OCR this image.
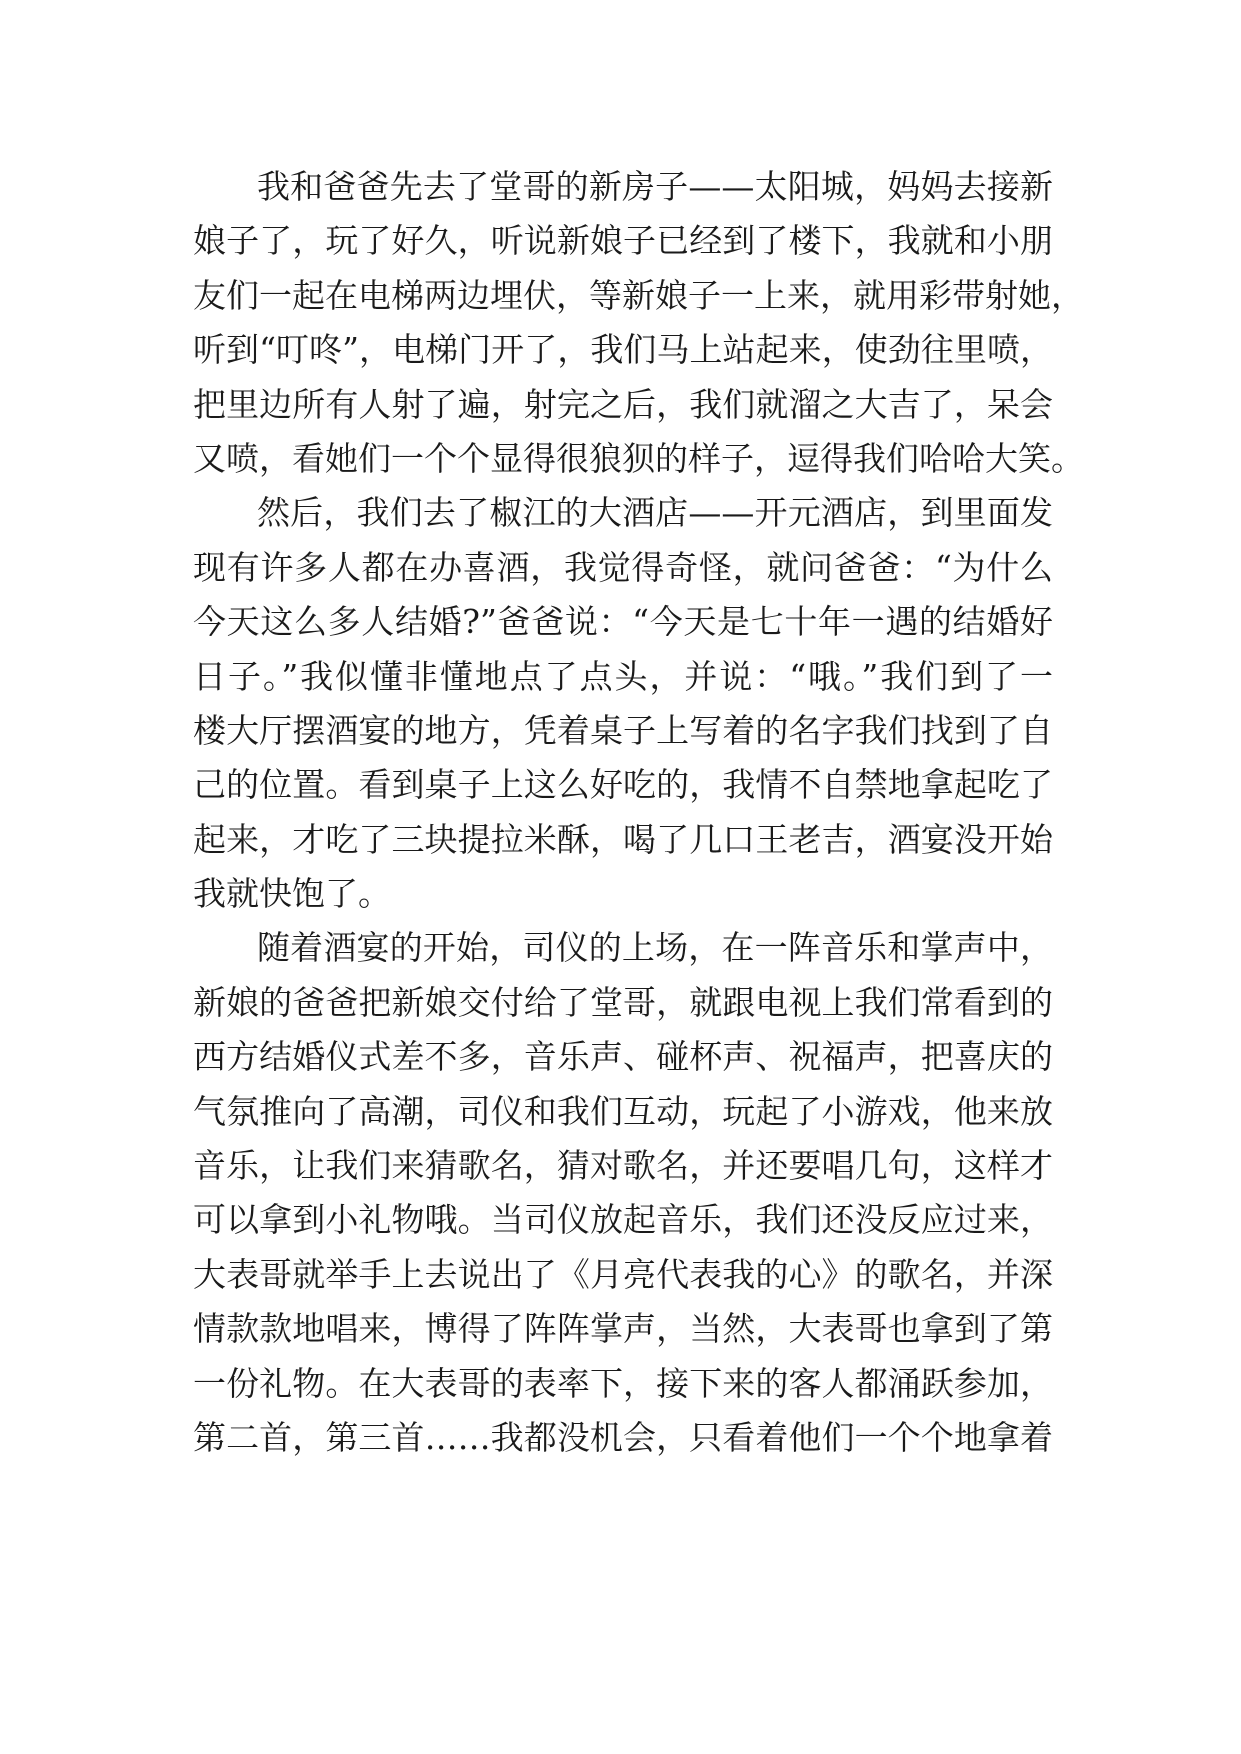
我和爸爸先去了堂哥的新房子——太阳城，妈妈去接新
娘子了，玩了好久，听说新娘子已经到了楼下，我就和小朋
友们一起在电梯两边埋伏，等新娘子一上来，就用彩带射她，
听到“叮咚”，电梯门开了，我们马上站起来，使劲往里喷，
把里边所有人射了遍，射完之后，我们就溜之大吉了，呆会
又喷，看她们一个个显得很狼狈的样子，逗得我们哈哈大笑。
然后，我们去了椒江的大酒店——开元酒店，到里面发
现有许多人都在办喜酒，我觉得奇怪，就问爸爸：“为什么
今天这么多人结婚?”爸爸说：“今天是七十年一遇的结婚好
日子。”我似懂非懂地点了点头，并说：“哦。”我们到了一
楼大厅摆酒宴的地方，凭着桌子上写着的名字我们找到了自
己的位置。看到桌子上这么好吃的，我情不自禁地拿起吃了
起来，才吃了三块提拉米酥，喝了几口王老吉，酒宴没开始
我就快饱了。
随着酒宴的开始，司仪的上场，在一阵音乐和掌声中，
新娘的爸爸把新娘交付给了堂哥，就跟电视上我们常看到的
西方结婚仪式差不多，音乐声、碰杯声、祝福声，把喜庆的
气氛推向了高潮，司仪和我们互动，玩起了小游戏，他来放
音乐，让我们来猜歌名，猜对歌名，并还要唱几句，这样才
可以拿到小礼物哦。当司仪放起音乐，我们还没反应过来，
大表哥就举手上去说出了《月亮代表我的心》的歌名，并深
情款款地唱来，博得了阵阵掌声，当然，大表哥也拿到了第
一份礼物。在大表哥的表率下，接下来的客人都涌跃参加，
第二首，第三首……我都没机会，只看着他们一个个地拿着
